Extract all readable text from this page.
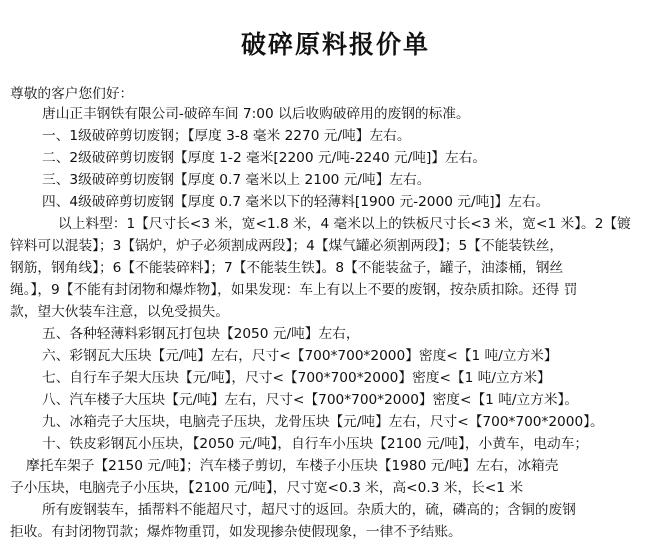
破碎原料报价单
尊敬的客户您们好：
唐山正丰钢铁有限公司-破碎车间 7:00 以后收购破碎用的废钢的标准。
一、1级破碎剪切废钢；【厚度 3-8 毫米 2270 元/吨】左右。
二、2级破碎剪切废钢【厚度 1-2 毫米[2200 元/吨-2240 元/吨]】左右。
三、3级破碎剪切废钢【厚度 0.7 毫米以上 2100 元/吨】左右。
四、4级破碎剪切废钢【厚度 0.7 毫米以下的轻薄料[1900 元-2000 元/吨]】左右。
以上料型：1【尺寸长<3 米，宽<1.8 米，4 毫米以上的铁板尺寸长<3 米，宽<1 米】。2【镀
锌料可以混装】；3【锅炉，炉子必须割成两段】；4【煤气罐必须割两段】；5【不能装铁丝，
钢筋，钢角线】；6【不能装碎料】；7【不能装生铁】。8【不能装盆子，罐子，油漆桶，钢丝
绳。】，9【不能有封闭物和爆炸物】，如果发现：车上有以上不要的废钢，按杂质扣除。还得 罚
款，望大伙装车注意，以免受损失。
五、各种轻薄料彩钢瓦打包块【2050 元/吨】左右，
六、彩钢瓦大压块【元/吨】左右，尺寸<【700*700*2000】密度<【1 吨/立方米】
七、自行车子架大压块【元/吨】，尺寸<【700*700*2000】密度<【1 吨/立方米】
八、汽车楼子大压块【元/吨】左右，尺寸<【700*700*2000】密度<【1 吨/立方米】。
九、冰箱壳子大压块，电脑壳子压块，龙骨压块【元/吨】左右，尺寸<【700*700*2000】。
十、铁皮彩钢瓦小压块，【2050 元/吨】，自行车小压块【2100 元/吨】，小黄车，电动车；
摩托车架子【2150 元/吨】；汽车楼子剪切，车楼子小压块【1980 元/吨】左右，冰箱壳
子小压块，电脑壳子小压块，【2100 元/吨】，尺寸宽<0.3 米，高<0.3 米，长<1 米
所有废钢装车，插帮料不能超尺寸，超尺寸的返回。杂质大的，硫，磷高的；含铜的废钢
拒收。有封闭物罚款；爆炸物重罚，如发现掺杂使假现象，一律不予结账。
